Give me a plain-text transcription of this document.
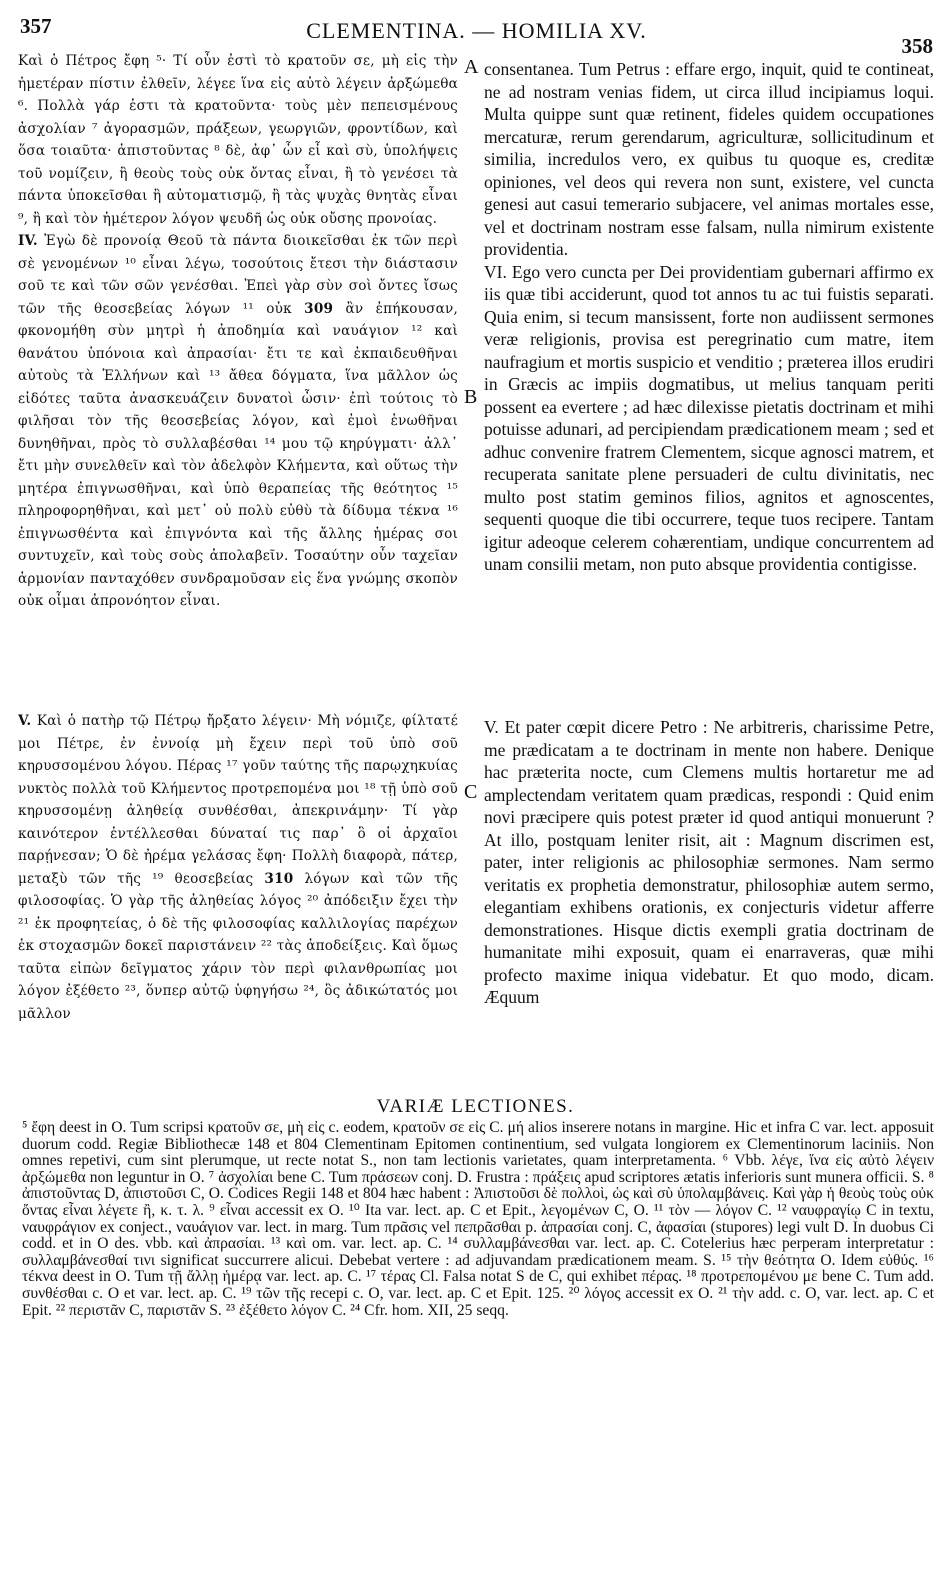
357	CLEMENTINA. — HOMILIA XV.
358

Καὶ ὁ Πέτρος ἔφη ⁵· Τί οὖν ἐστὶ τὸ κρατοῦν σε, μὴ εἰς τὴν ἡμετέραν πίστιν ἐλθεῖν, λέγεε ἵνα εἰς αὐτὸ λέγειν ἀρξώμεθα ⁶. Πολλὰ γάρ ἐστι τὰ κρατοῦντα· τοὺς μὲν πεπεισμένους ἀσχολίαν ⁷ ἀγορασμῶν, πράξεων, γεωργιῶν, φροντίδων, καὶ ὅσα τοιαῦτα· ἀπιστοῦντας ⁸ δὲ, ἀφ᾽ ὧν εἶ καὶ σὺ, ὑπολήψεις τοῦ νομίζειν, ἢ θεοὺς τοὺς οὐκ ὄντας εἶναι, ἢ τὸ γενέσει τὰ πάντα ὑποκεῖσθαι ἢ αὐτοματισμῷ, ἢ τὰς ψυχὰς θνητὰς εἶναι ⁹, ἢ καὶ τὸν ἡμέτερον λόγον ψευδῆ ὡς οὐκ οὔσης προνοίας.

IV. Ἐγὼ δὲ προνοίᾳ Θεοῦ τὰ πάντα διοικεῖσθαι ἐκ τῶν περὶ σὲ γενομένων ¹⁰ εἶναι λέγω, τοσούτοις ἔτεσι τὴν διάστασιν σοῦ τε καὶ τῶν σῶν γενέσθαι. Ἐπεὶ γὰρ σὺν σοὶ ὄντες ἴσως τῶν τῆς θεοσεβείας λόγων ¹¹ οὐκ 309 ἂν ἐπήκουσαν, φκονομήθη σὺν μητρὶ ἡ ἀποδημία καὶ ναυάγιον ¹² καὶ θανάτου ὑπόνοια καὶ ἀπρασίαι· ἔτι τε καὶ ἐκπαιδευθῆναι αὐτοὺς τὰ Ἑλλήνων καὶ ¹³ ἄθεα δόγματα, ἵνα μᾶλλον ὡς εἰδότες ταῦτα ἀνασκευάζειν δυνατοὶ ὦσιν· ἐπὶ τούτοις τὸ φιλῆσαι τὸν τῆς θεοσεβείας λόγον, καὶ ἐμοὶ ἑνωθῆναι δυνηθῆναι, πρὸς τὸ συλλαβέσθαι ¹⁴ μου τῷ κηρύγματι· ἀλλ᾽ ἔτι μὴν συνελθεῖν καὶ τὸν ἀδελφὸν Κλήμεντα, καὶ οὕτως τὴν μητέρα ἐπιγνωσθῆναι, καὶ ὑπὸ θεραπείας τῆς θεότητος ¹⁵ πληροφορηθῆναι, καὶ μετ᾽ οὐ πολὺ εὐθὺ τὰ δίδυμα τέκνα ¹⁶ ἐπιγνωσθέντα καὶ ἐπιγνόντα καὶ τῆς ἄλλης ἡμέρας σοι συντυχεῖν, καὶ τοὺς σοὺς ἀπολαβεῖν. Τοσαύτην οὖν ταχεῖαν ἁρμονίαν πανταχόθεν συνδραμοῦσαν εἰς ἕνα γνώμης σκοπὸν οὐκ οἶμαι ἀπρονόητον εἶναι.

V. Καὶ ὁ πατὴρ τῷ Πέτρῳ ἤρξατο λέγειν· Μὴ νόμιζε, φίλτατέ μοι Πέτρε, ἐν ἐννοίᾳ μὴ ἔχειν περὶ τοῦ ὑπὸ σοῦ κηρυσσομένου λόγου. Πέρας ¹⁷ γοῦν ταύτης τῆς παρῳχηκυίας νυκτὸς πολλὰ τοῦ Κλήμεντος προτρεπομένα μοι ¹⁸ τῇ ὑπὸ σοῦ κηρυσσομένῃ ἀληθείᾳ συνθέσθαι, ἀπεκρινάμην· Τί γὰρ καινότερον ἐντέλλεσθαι δύναταί τις παρ᾽ ὃ οἱ ἀρχαῖοι παρῄνεσαν; Ὁ δὲ ἠρέμα γελάσας ἔφη· Πολλὴ διαφορὰ, πάτερ, μεταξὺ τῶν τῆς ¹⁹ θεοσεβείας 310 λόγων καὶ τῶν τῆς φιλοσοφίας. Ὁ γὰρ τῆς ἀληθείας λόγος ²⁰ ἀπόδειξιν ἔχει τὴν ²¹ ἐκ προφητείας, ὁ δὲ τῆς φιλοσοφίας καλλιλογίας παρέχων ἐκ στοχασμῶν δοκεῖ παριστάνειν ²² τὰς ἀποδείξεις. Καὶ ὅμως ταῦτα εἰπὼν δεῖγματος χάριν τὸν περὶ φιλανθρωπίας μοι λόγον ἐξέθετο ²³, ὅνπερ αὐτῷ ὑφηγήσω ²⁴, ὃς ἀδικώτατός μοι μᾶλλον

A
B
C

consentanea. Tum Petrus : effare ergo, inquit, quid te contineat, ne ad nostram venias fidem, ut circa illud incipiamus loqui. Multa quippe sunt quæ retinent, fideles quidem occupationes mercaturæ, rerum gerendarum, agriculturæ, sollicitudinum et similia, incredulos vero, ex quibus tu quoque es, creditæ opiniones, vel deos qui revera non sunt, existere, vel cuncta genesi aut casui temerario subjacere, vel animas mortales esse, vel et doctrinam nostram esse falsam, nulla nimirum existente providentia.

VI. Ego vero cuncta per Dei providentiam gubernari affirmo ex iis quæ tibi acciderunt, quod tot annos tu ac tui fuistis separati. Quia enim, si tecum mansissent, forte non audiissent sermones veræ religionis, provisa est peregrinatio cum matre, item naufragium et mortis suspicio et venditio ; præterea illos erudiri in Græcis ac impiis dogmatibus, ut melius tanquam periti possent ea evertere ; ad hæc dilexisse pietatis doctrinam et mihi potuisse adunari, ad percipiendam prædicationem meam ; sed et adhuc convenire fratrem Clementem, sicque agnosci matrem, et recuperata sanitate plene persuaderi de cultu divinitatis, nec multo post statim geminos filios, agnitos et agnoscentes, sequenti quoque die tibi occurrere, teque tuos recipere. Tantam igitur adeoque celerem cohærentiam, undique concurrentem ad unam consilii metam, non puto absque providentia contigisse.

V. Et pater cœpit dicere Petro : Ne arbitreris, charissime Petre, me prædicatam a te doctrinam in mente non habere. Denique hac præterita nocte, cum Clemens multis hortaretur me ad amplectendam veritatem quam prædicas, respondi : Quid enim novi præcipere quis potest præter id quod antiqui monuerunt ? At illo, postquam leniter risit, ait : Magnum discrimen est, pater, inter religionis ac philosophiæ sermones. Nam sermo veritatis ex prophetia demonstratur, philosophiæ autem sermo, elegantiam exhibens orationis, ex conjecturis videtur afferre demonstrationes. Hisque dictis exempli gratia doctrinam de humanitate mihi exposuit, quam ei enarraveras, quæ mihi profecto maxime iniqua videbatur. Et quo modo, dicam. Æquum

VARIÆ LECTIONES.

⁵ ἔφη deest in O. Tum scripsi κρατοῦν σε, μὴ εἰς c. eodem, κρατοῦν σε εἰς C. μή alios inserere notans in margine. Hic et infra C var. lect. apposuit duorum codd. Regiæ Bibliothecæ 148 et 804 Clementinam Epitomen continentium, sed vulgata longiorem ex Clementinorum laciniis. Non omnes repetivi, cum sint plerumque, ut recte notat S., non tam lectionis varietates, quam interpretamenta. ⁶ Vbb. λέγε, ἵνα εἰς αὐτὸ λέγειν ἀρξώμεθα non leguntur in O. ⁷ ἀσχολίαι bene C. Tum πράσεων conj. D. Frustra : πράξεις apud scriptores ætatis inferioris sunt munera officii. S. ⁸ ἀπιστοῦντας D, ἀπιστοῦσι C, O. Codices Regii 148 et 804 hæc habent : Ἀπιστοῦσι δὲ πολλοὶ, ὡς καὶ σὺ ὑπολαμβάνεις. Καὶ γὰρ ἡ θεοὺς τοὺς οὐκ ὄντας εἶναι λέγετε ἢ, κ. τ. λ. ⁹ εἶναι accessit ex O. ¹⁰ Ita var. lect. ap. C et Epit., λεγομένων C, O. ¹¹ τὸν — λόγον C. ¹² ναυφραγίῳ C in textu, ναυφράγιον ex conject., ναυάγιον var. lect. in marg. Tum πρᾶσις vel πεπρᾶσθαι p. ἀπρασίαι conj. C, ἀφασίαι (stupores) legi vult D. In duobus Ci codd. et in O des. vbb. καὶ ἀπρασίαι. ¹³ καὶ om. var. lect. ap. C. ¹⁴ συλλαμβάνεσθαι var. lect. ap. C. Cotelerius hæc perperam interpretatur : συλλαμβάνεσθαί τινι significat succurrere alicui. Debebat vertere : ad adjuvandam prædicationem meam. S. ¹⁵ τὴν θεότητα O. Idem εὐθύς. ¹⁶ τέκνα deest in O. Tum τῇ ἄλλῃ ἡμέρᾳ var. lect. ap. C. ¹⁷ τέρας Cl. Falsa notat S de C, qui exhibet πέρας. ¹⁸ προτρεπομένου με bene C. Tum add. συνθέσθαι c. O et var. lect. ap. C. ¹⁹ τῶν τῆς recepi c. O, var. lect. ap. C et Epit. 125. ²⁰ λόγος accessit ex O. ²¹ τὴν add. c. O, var. lect. ap. C et Epit. ²² περιστᾶν C, παριστᾶν S. ²³ ἐξέθετο λόγον C. ²⁴ Cfr. hom. XII, 25 seqq.
